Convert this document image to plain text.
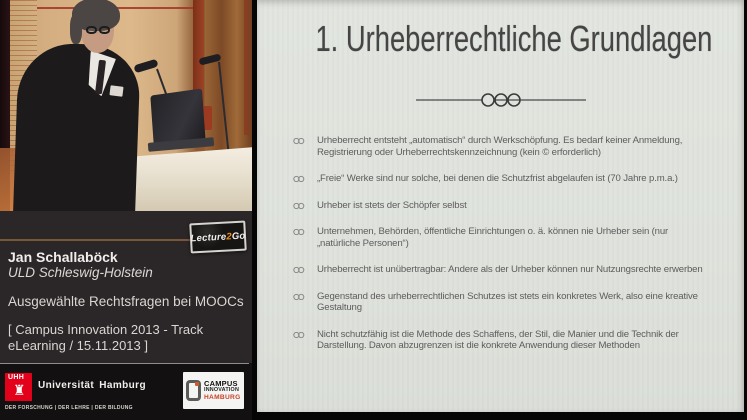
Lecture2Go
Jan Schallaböck
ULD Schleswig-Holstein
Ausgewählte Rechtsfragen bei MOOCs
[ Campus Innovation 2013 - Track eLearning / 15.11.2013 ]
UHH
♜ Universität Hamburg
DER FORSCHUNG | DER LEHRE | DER BILDUNG
CAMPUS
INNOVATION
HAMBURG
1. Urheberrechtliche Grundlagen
Urheberrecht entsteht „automatisch“ durch Werkschöpfung. Es bedarf keiner Anmeldung, Registrierung oder Urheberrechtskennzeichnung (kein © erforderlich)
„Freie“ Werke sind nur solche, bei denen die Schutzfrist abgelaufen ist (70 Jahre p.m.a.)
Urheber ist stets der Schöpfer selbst
Unternehmen, Behörden, öffentliche Einrichtungen o. ä. können nie Urheber sein (nur „natürliche Personen“)
Urheberrecht ist unübertragbar: Andere als der Urheber können nur Nutzungsrechte erwerben
Gegenstand des urheberrechtlichen Schutzes ist stets ein konkretes Werk, also eine kreative Gestaltung
Nicht schutzfähig ist die Methode des Schaffens, der Stil, die Manier und die Technik der Darstellung. Davon abzugrenzen ist die konkrete Anwendung dieser Methoden
